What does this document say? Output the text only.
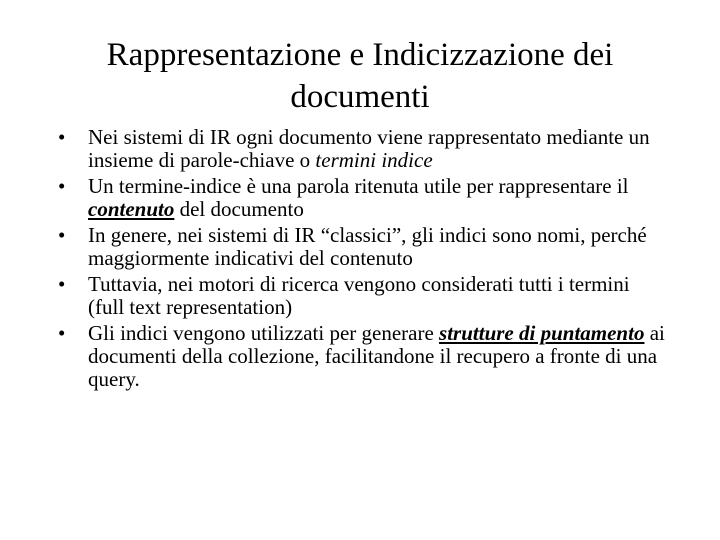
Rappresentazione e Indicizzazione dei
documenti
•	Nei sistemi di IR ogni documento viene rappresentato mediante un insieme di parole-chiave o termini indice
•	Un termine-indice è una parola ritenuta utile per rappresentare il contenuto del documento
•	In genere, nei sistemi di IR “classici”, gli indici sono nomi, perché maggiormente indicativi del contenuto
•	Tuttavia, nei motori di ricerca vengono considerati tutti i termini (full text representation)
•	Gli indici vengono utilizzati per generare strutture di puntamento ai documenti della collezione, facilitandone il recupero a fronte di una query.
